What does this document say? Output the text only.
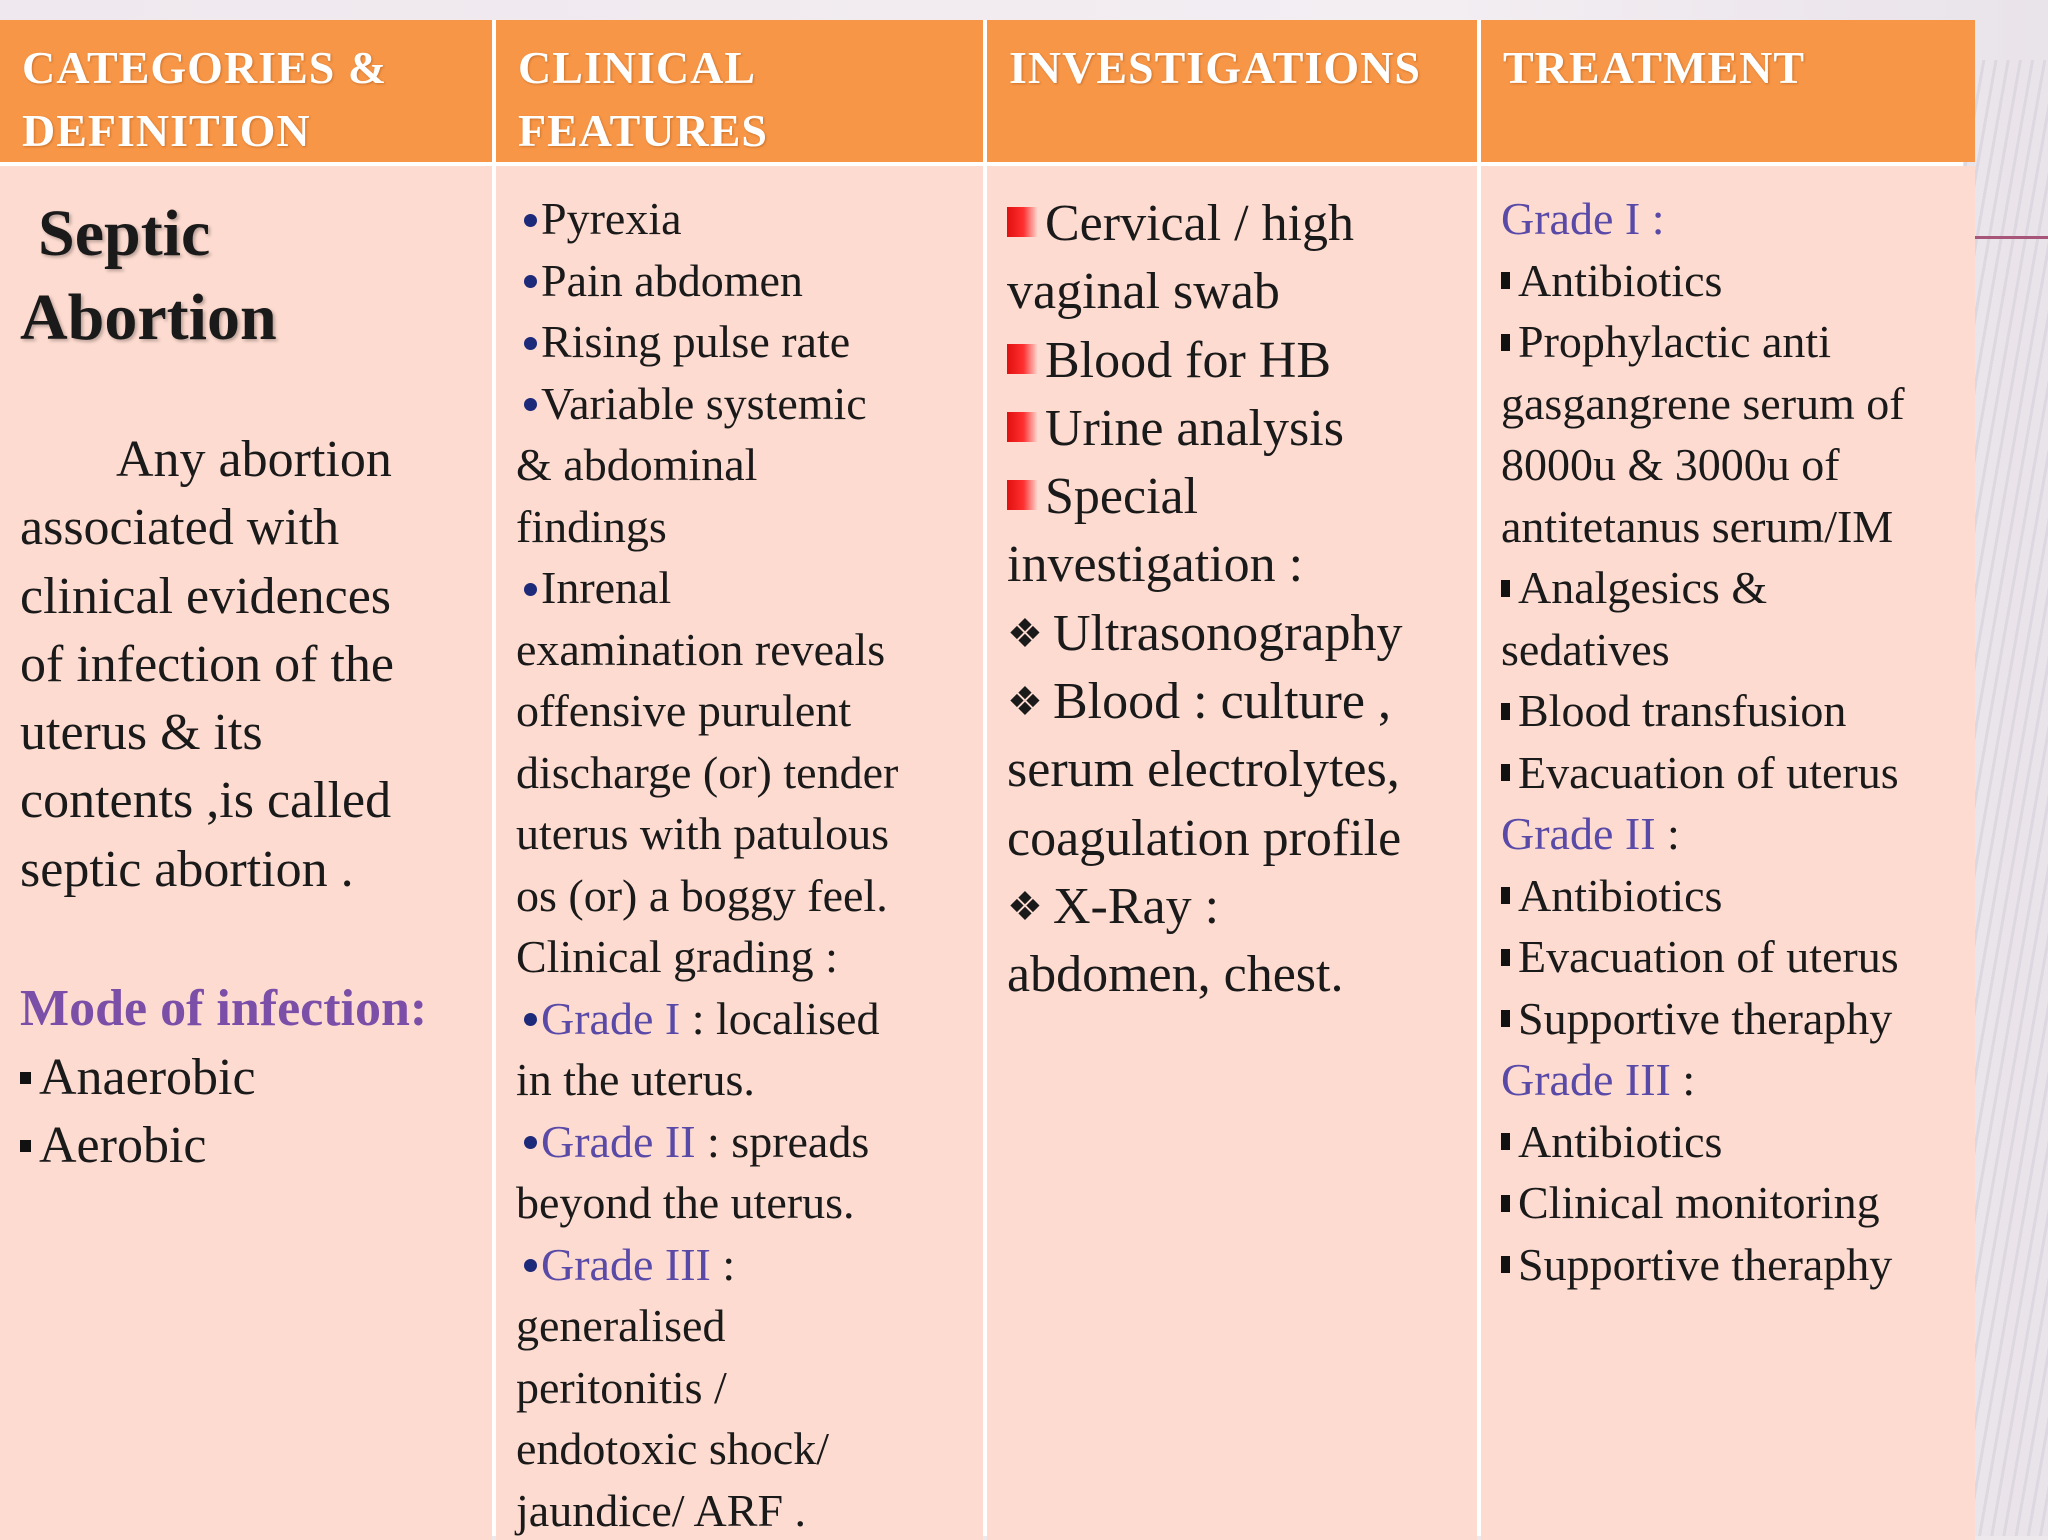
CATEGORIES &
DEFINITION
CLINICAL
FEATURES
INVESTIGATIONS	TREATMENT
Septic
Abortion
Any abortion
associated with
clinical evidences
of infection of the
uterus & its
contents ,is called
septic abortion .
Mode of infection:
Anaerobic
Aerobic
Pyrexia
Pain abdomen
Rising pulse rate
Variable systemic
& abdominal
findings
Inrenal
examination reveals
offensive purulent
discharge (or) tender
uterus with patulous
os (or) a boggy feel.
Clinical grading :
Grade I : localised
in the uterus.
Grade II : spreads
beyond the uterus.
Grade III :
generalised
peritonitis /
endotoxic shock/
jaundice/ ARF .
Cervical / high
vaginal swab
Blood for HB
Urine analysis
Special
investigation :
❖ Ultrasonography
❖ Blood : culture ,
serum electrolytes,
coagulation profile
❖ X-Ray :
abdomen, chest.
Grade I :
Antibiotics
Prophylactic anti
gasgangrene serum of
8000u & 3000u of
antitetanus serum/IM
Analgesics &
sedatives
Blood transfusion
Evacuation of uterus
Grade II :
Antibiotics
Evacuation of uterus
Supportive theraphy
Grade III :
Antibiotics
Clinical monitoring
Supportive theraphy
